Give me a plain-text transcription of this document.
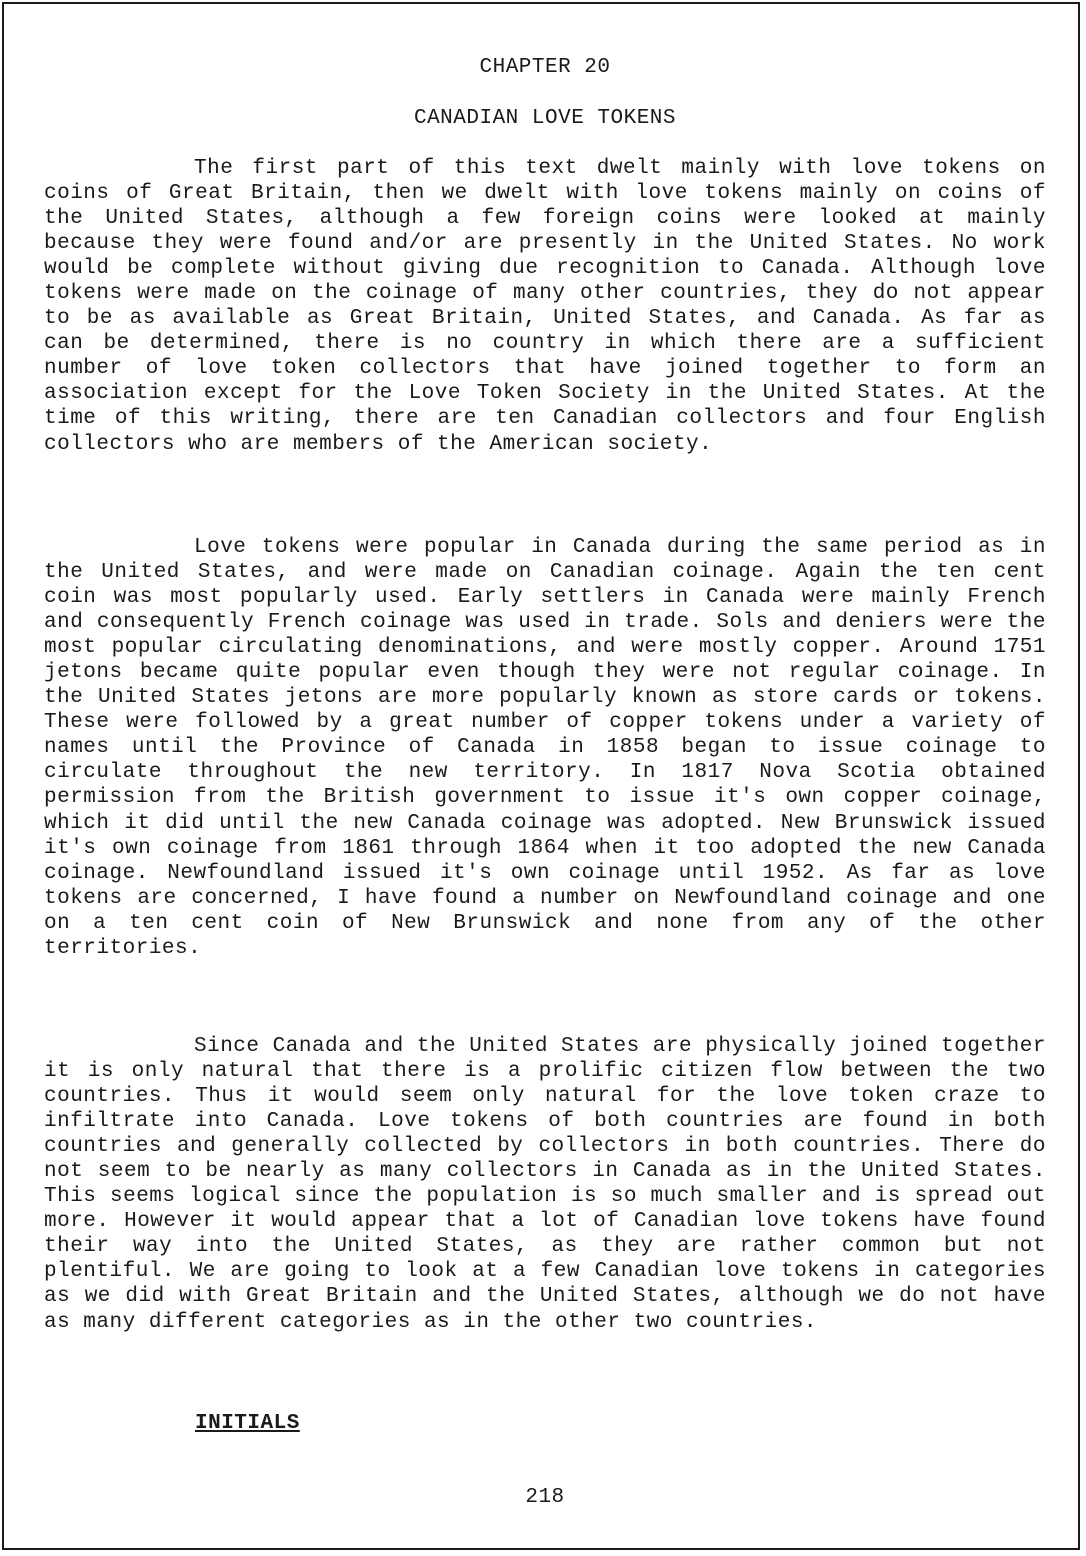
CHAPTER 20
CANADIAN LOVE TOKENS

The first part of this text dwelt mainly with love tokens on coins of Great Britain, then we dwelt with love tokens mainly on coins of the United States, although a few foreign coins were looked at mainly because they were found and/or are presently in the United States. No work would be complete without giving due recognition to Canada. Although love tokens were made on the coinage of many other countries, they do not appear to be as available as Great Britain, United States, and Canada. As far as can be determined, there is no country in which there are a sufficient number of love token collectors that have joined together to form an association except for the Love Token Society in the United States. At the time of this writing, there are ten Canadian collectors and four English collectors who are members of the American society.

Love tokens were popular in Canada during the same period as in the United States, and were made on Canadian coinage. Again the ten cent coin was most popularly used. Early settlers in Canada were mainly French and consequently French coinage was used in trade. Sols and deniers were the most popular circulating denominations, and were mostly copper. Around 1751 jetons became quite popular even though they were not regular coinage. In the United States jetons are more popularly known as store cards or tokens. These were followed by a great number of copper tokens under a variety of names until the Province of Canada in 1858 began to issue coinage to circulate throughout the new territory. In 1817 Nova Scotia obtained permission from the British government to issue it's own copper coinage, which it did until the new Canada coinage was adopted. New Brunswick issued it's own coinage from 1861 through 1864 when it too adopted the new Canada coinage. Newfoundland issued it's own coinage until 1952. As far as love tokens are concerned, I have found a number on Newfoundland coinage and one on a ten cent coin of New Brunswick and none from any of the other territories.

Since Canada and the United States are physically joined together it is only natural that there is a prolific citizen flow between the two countries. Thus it would seem only natural for the love token craze to infiltrate into Canada. Love tokens of both countries are found in both countries and generally collected by collectors in both countries. There do not seem to be nearly as many collectors in Canada as in the United States. This seems logical since the population is so much smaller and is spread out more. However it would appear that a lot of Canadian love tokens have found their way into the United States, as they are rather common but not plentiful. We are going to look at a few Canadian love tokens in categories as we did with Great Britain and the United States, although we do not have as many different categories as in the other two countries.

INITIALS
218
